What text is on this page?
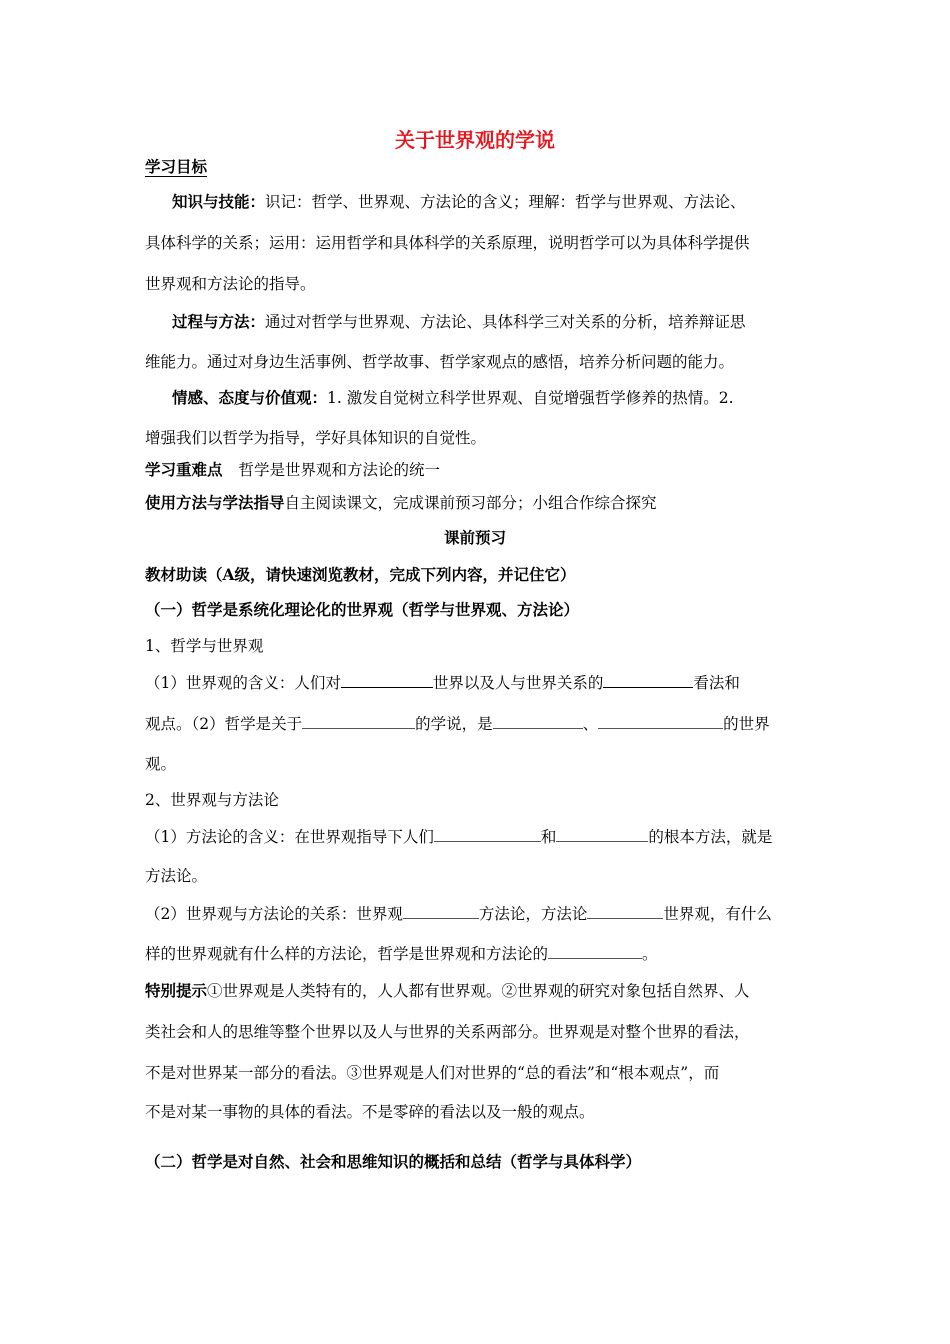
关于世界观的学说
学习目标
知识与技能：识记：哲学、世界观、方法论的含义；理解：哲学与世界观、方法论、
具体科学的关系；运用：运用哲学和具体科学的关系原理，说明哲学可以为具体科学提供
世界观和方法论的指导。
过程与方法：通过对哲学与世界观、方法论、具体科学三对关系的分析，培养辩证思
维能力。通过对身边生活事例、哲学故事、哲学家观点的感悟，培养分析问题的能力。
情感、态度与价值观：1. 激发自觉树立科学世界观、自觉增强哲学修养的热情。2.
增强我们以哲学为指导，学好具体知识的自觉性。
学习重难点 哲学是世界观和方法论的统一
使用方法与学法指导自主阅读课文，完成课前预习部分；小组合作综合探究
课前预习
教材助读（A级，请快速浏览教材，完成下列内容，并记住它）
（一）哲学是系统化理论化的世界观（哲学与世界观、方法论）
1、哲学与世界观
（1）世界观的含义：人们对	世界以及人与世界关系的	看法和
观点。（2）哲学是关于	的学说，是	、	的世界
观。
2、世界观与方法论
（1）方法论的含义：在世界观指导下人们	和	的根本方法，就是
方法论。
（2）世界观与方法论的关系：世界观	方法论，方法论	世界观，有什么
样的世界观就有什么样的方法论，哲学是世界观和方法论的	。
特别提示①世界观是人类特有的，人人都有世界观。②世界观的研究对象包括自然界、人
类社会和人的思维等整个世界以及人与世界的关系两部分。世界观是对整个世界的看法，
不是对世界某一部分的看法。③世界观是人们对世界的“总的看法”和“根本观点”，而
不是对某一事物的具体的看法。不是零碎的看法以及一般的观点。
（二）哲学是对自然、社会和思维知识的概括和总结（哲学与具体科学）
